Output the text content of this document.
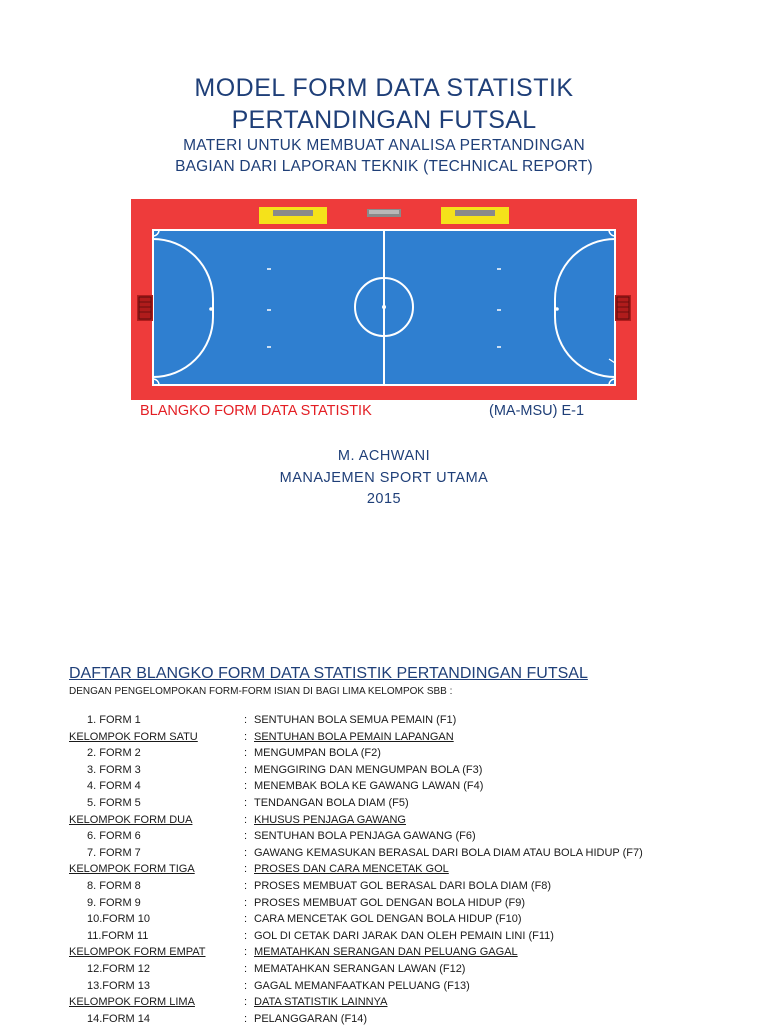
MODEL FORM DATA STATISTIK
PERTANDINGAN FUTSAL
MATERI UNTUK MEMBUAT ANALISA PERTANDINGAN
BAGIAN DARI LAPORAN TEKNIK (TECHNICAL REPORT)
BLANGKO FORM DATA STATISTIK	(MA-MSU) E-1
M. ACHWANI
MANAJEMEN SPORT UTAMA
2015
DAFTAR BLANGKO FORM DATA STATISTIK PERTANDINGAN FUTSAL
DENGAN PENGELOMPOKAN FORM-FORM ISIAN DI BAGI LIMA KELOMPOK SBB :
1. FORM 1	: SENTUHAN BOLA SEMUA PEMAIN (F1)
KELOMPOK FORM SATU	: SENTUHAN BOLA PEMAIN LAPANGAN
2. FORM 2	: MENGUMPAN BOLA (F2)
3. FORM 3	: MENGGIRING DAN MENGUMPAN BOLA (F3)
4. FORM 4	: MENEMBAK BOLA KE GAWANG LAWAN (F4)
5. FORM 5	: TENDANGAN BOLA DIAM (F5)
KELOMPOK FORM DUA	: KHUSUS PENJAGA GAWANG
6. FORM 6	: SENTUHAN BOLA PENJAGA GAWANG (F6)
7. FORM 7	: GAWANG KEMASUKAN BERASAL DARI BOLA DIAM ATAU BOLA HIDUP (F7)
KELOMPOK FORM TIGA	: PROSES DAN CARA MENCETAK GOL
8. FORM 8	: PROSES MEMBUAT GOL BERASAL DARI BOLA DIAM (F8)
9. FORM 9	: PROSES MEMBUAT GOL DENGAN BOLA HIDUP (F9)
10.FORM 10	: CARA MENCETAK GOL DENGAN BOLA HIDUP (F10)
11.FORM 11	: GOL DI CETAK DARI JARAK DAN OLEH PEMAIN LINI (F11)
KELOMPOK FORM EMPAT	: MEMATAHKAN SERANGAN DAN PELUANG GAGAL
12.FORM 12	: MEMATAHKAN SERANGAN LAWAN (F12)
13.FORM 13	: GAGAL MEMANFAATKAN PELUANG (F13)
KELOMPOK FORM LIMA	: DATA STATISTIK LAINNYA
14.FORM 14	: PELANGGARAN (F14)
